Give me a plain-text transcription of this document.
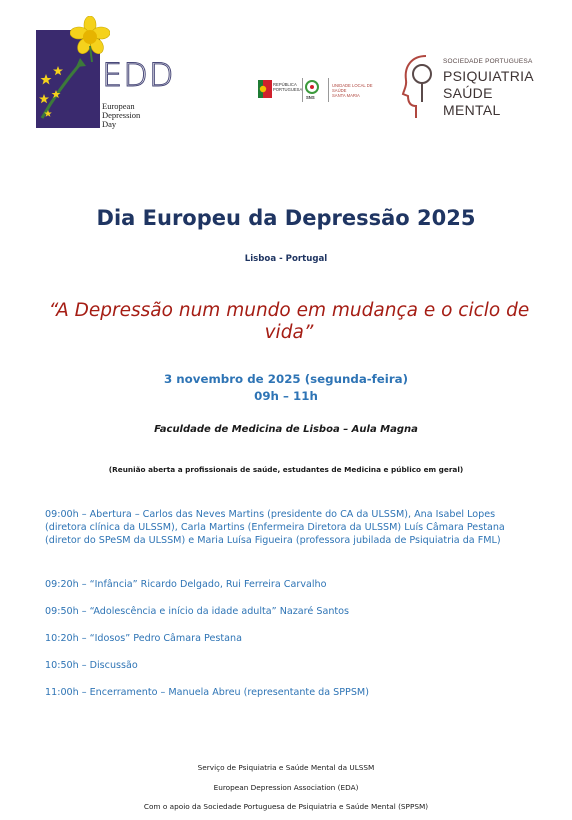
EDD
European
Depression
Day
REPÚBLICA
PORTUGUESA
SNS
UNIDADE LOCAL DE SAÚDE
SANTA MARIA
SOCIEDADE PORTUGUESA
PSIQUIATRIA
SAÚDE MENTAL
Dia Europeu da Depressão 2025
Lisboa - Portugal
“A Depressão num mundo em mudança e o ciclo de vida”
3 novembro de 2025 (segunda-feira)
09h – 11h
Faculdade de Medicina de Lisboa – Aula Magna
(Reunião aberta a profissionais de saúde, estudantes de Medicina e público em geral)

09:00h – Abertura – Carlos das Neves Martins (presidente do CA da ULSSM), Ana Isabel Lopes (diretora clínica da ULSSM), Carla Martins (Enfermeira Diretora da ULSSM) Luís Câmara Pestana (diretor do SPeSM da ULSSM) e Maria Luísa Figueira (professora jubilada de Psiquiatria da FML)

09:20h – “Infância” Ricardo Delgado, Rui Ferreira Carvalho

09:50h – “Adolescência e início da idade adulta” Nazaré Santos

10:20h – “Idosos” Pedro Câmara Pestana

10:50h – Discussão

11:00h – Encerramento – Manuela Abreu (representante da SPPSM)

Serviço de Psiquiatria e Saúde Mental da ULSSM
European Depression Association (EDA)
Com o apoio da Sociedade Portuguesa de Psiquiatria e Saúde Mental (SPPSM)
